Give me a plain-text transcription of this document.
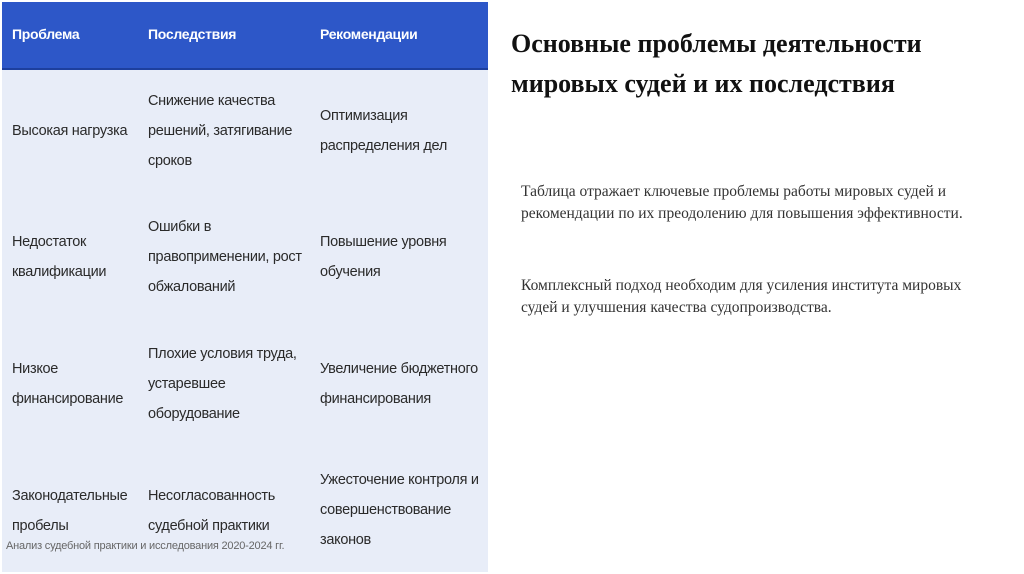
Проблема	Последствия	Рекомендации
Высокая нагрузка
Снижение качества решений, затягивание сроков
Оптимизация распределения дел
Недостаток квалификации
Ошибки в правоприменении, рост обжалований
Повышение уровня обучения
Низкое финансирование
Плохие условия труда, устаревшее оборудование
Увеличение бюджетного финансирования
Законодательные пробелы
Несогласованность судебной практики
Ужесточение контроля и совершенствование законов
Анализ судебной практики и исследования 2020-2024 гг.
Основные проблемы деятельности мировых судей и их последствия

Таблица отражает ключевые проблемы работы мировых судей и рекомендации по их преодолению для повышения эффективности.

Комплексный подход необходим для усиления института мировых судей и улучшения качества судопроизводства.
